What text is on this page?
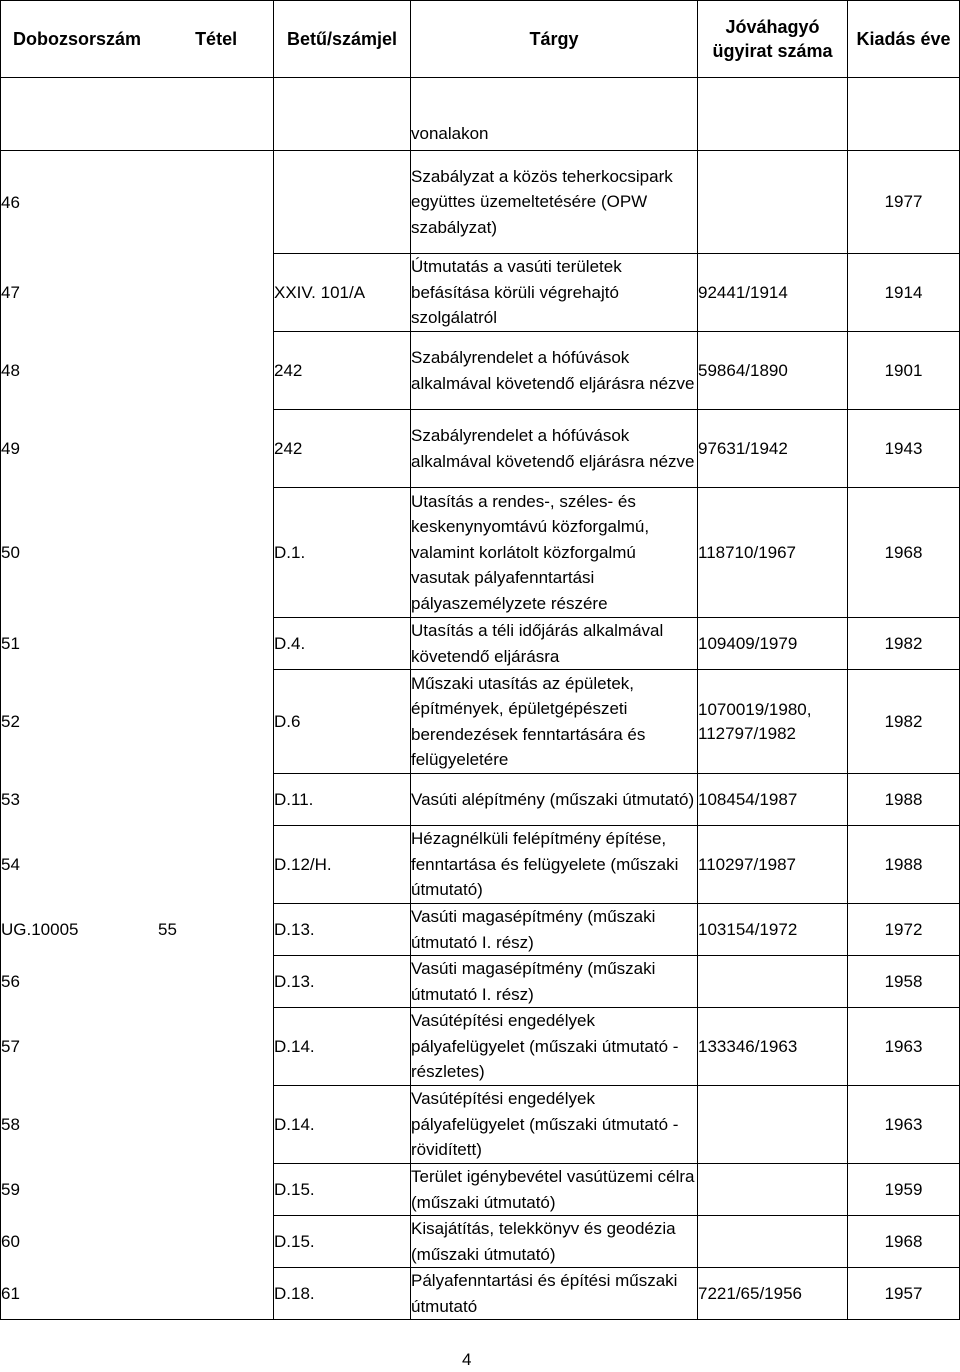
Dobozsorszám Tétel	Betű/számjel	Tárgy	Jóváhagyó ügyirat száma	Kiadás éve
		vonalakon		
46		Szabályzat a közös teherkocsipark együttes üzemeltetésére (OPW szabályzat)		1977
47	XXIV. 101/A	Útmutatás a vasúti területek befásítása körüli végrehajtó szolgálatról	92441/1914	1914
48	242	Szabályrendelet a hófúvások alkalmával követendő eljárásra nézve	59864/1890	1901
49	242	Szabályrendelet a hófúvások alkalmával követendő eljárásra nézve	97631/1942	1943
50	D.1.	Utasítás a rendes-, széles- és keskenynyomtávú közforgalmú, valamint korlátolt közforgalmú vasutak pályafenntartási pályaszemélyzete részére	118710/1967	1968
51	D.4.	Utasítás a téli időjárás alkalmával követendő eljárásra	109409/1979	1982
52	D.6	Műszaki utasítás az épületek, építmények, épületgépészeti berendezések fenntartására és felügyeletére	1070019/1980, 112797/1982	1982
53	D.11.	Vasúti alépítmény (műszaki útmutató)	108454/1987	1988
54	D.12/H.	Hézagnélküli felépítmény építése, fenntartása és felügyelete (műszaki útmutató)	110297/1987	1988
UG.10005 55	D.13.	Vasúti magasépítmény (műszaki útmutató I. rész)	103154/1972	1972
56	D.13.	Vasúti magasépítmény (műszaki útmutató I. rész)		1958
57	D.14.	Vasútépítési engedélyek pályafelügyelet (műszaki útmutató -részletes)	133346/1963	1963
58	D.14.	Vasútépítési engedélyek pályafelügyelet (műszaki útmutató - rövidített)		1963
59	D.15.	Terület igénybevétel vasútüzemi célra (műszaki útmutató)		1959
60	D.15.	Kisajátítás, telekkönyv és geodézia (műszaki útmutató)		1968
61	D.18.	Pályafenntartási és építési műszaki útmutató	7221/65/1956	1957
4
